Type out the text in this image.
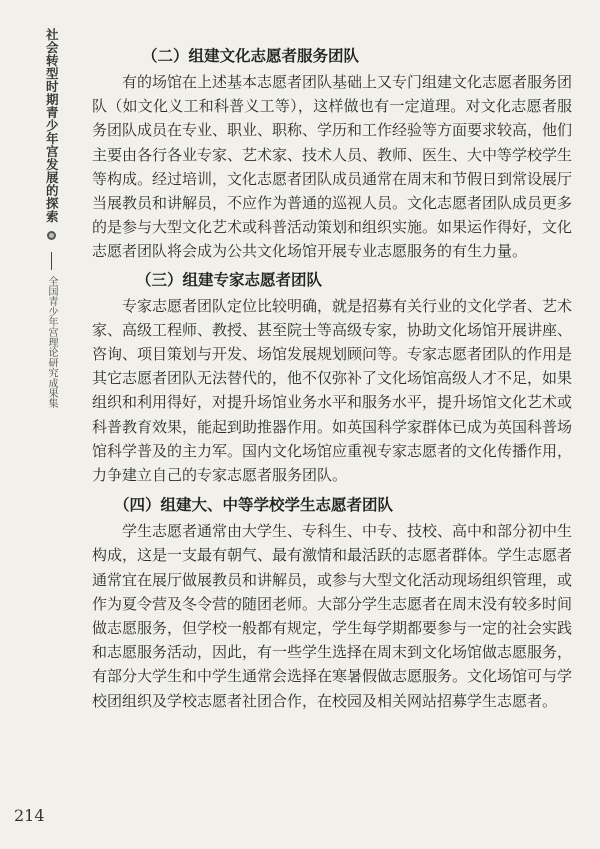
社会转型时期青少年宫发展的探索
全国青少年宫理论研究成果集
（二）组建文化志愿者服务团队

有的场馆在上述基本志愿者团队基础上又专门组建文化志愿者服务团队（如文化义工和科普义工等），这样做也有一定道理。对文化志愿者服务团队成员在专业、职业、职称、学历和工作经验等方面要求较高，他们主要由各行各业专家、艺术家、技术人员、教师、医生、大中等学校学生等构成。经过培训，文化志愿者团队成员通常在周末和节假日到常设展厅当展教员和讲解员，不应作为普通的巡视人员。文化志愿者团队成员更多的是参与大型文化艺术或科普活动策划和组织实施。如果运作得好，文化志愿者团队将会成为公共文化场馆开展专业志愿服务的有生力量。

（三）组建专家志愿者团队

专家志愿者团队定位比较明确，就是招募有关行业的文化学者、艺术家、高级工程师、教授、甚至院士等高级专家，协助文化场馆开展讲座、咨询、项目策划与开发、场馆发展规划顾问等。专家志愿者团队的作用是其它志愿者团队无法替代的，他不仅弥补了文化场馆高级人才不足，如果组织和利用得好，对提升场馆业务水平和服务水平，提升场馆文化艺术或科普教育效果，能起到助推器作用。如英国科学家群体已成为英国科普场馆科学普及的主力军。国内文化场馆应重视专家志愿者的文化传播作用，力争建立自己的专家志愿者服务团队。

（四）组建大、中等学校学生志愿者团队

学生志愿者通常由大学生、专科生、中专、技校、高中和部分初中生构成，这是一支最有朝气、最有激情和最活跃的志愿者群体。学生志愿者通常宜在展厅做展教员和讲解员，或参与大型文化活动现场组织管理，或作为夏令营及冬令营的随团老师。大部分学生志愿者在周末没有较多时间做志愿服务，但学校一般都有规定，学生每学期都要参与一定的社会实践和志愿服务活动，因此，有一些学生选择在周末到文化场馆做志愿服务，有部分大学生和中学生通常会选择在寒暑假做志愿服务。文化场馆可与学校团组织及学校志愿者社团合作，在校园及相关网站招募学生志愿者。

214
